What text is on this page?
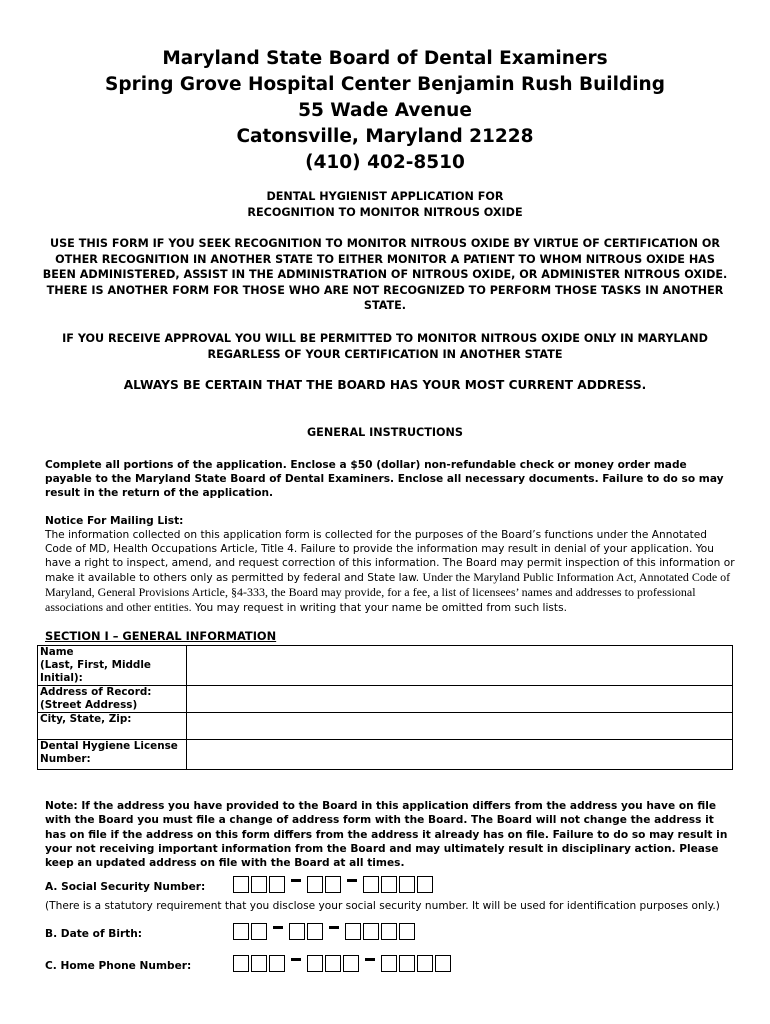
Maryland State Board of Dental Examiners
Spring Grove Hospital Center Benjamin Rush Building
55 Wade Avenue
Catonsville, Maryland 21228
(410) 402-8510
DENTAL HYGIENIST APPLICATION FOR
RECOGNITION TO MONITOR NITROUS OXIDE
USE THIS FORM IF YOU SEEK RECOGNITION TO MONITOR NITROUS OXIDE BY VIRTUE OF CERTIFICATION OR OTHER RECOGNITION IN ANOTHER STATE TO EITHER MONITOR A PATIENT TO WHOM NITROUS OXIDE HAS BEEN ADMINISTERED, ASSIST IN THE ADMINISTRATION OF NITROUS OXIDE, OR ADMINISTER NITROUS OXIDE. THERE IS ANOTHER FORM FOR THOSE WHO ARE NOT RECOGNIZED TO PERFORM THOSE TASKS IN ANOTHER STATE.
IF YOU RECEIVE APPROVAL YOU WILL BE PERMITTED TO MONITOR NITROUS OXIDE ONLY IN MARYLAND REGARLESS OF YOUR CERTIFICATION IN ANOTHER STATE
ALWAYS BE CERTAIN THAT THE BOARD HAS YOUR MOST CURRENT ADDRESS.
GENERAL INSTRUCTIONS
Complete all portions of the application. Enclose a $50 (dollar) non-refundable check or money order made payable to the Maryland State Board of Dental Examiners. Enclose all necessary documents. Failure to do so may result in the return of the application.
Notice For Mailing List:
The information collected on this application form is collected for the purposes of the Board’s functions under the Annotated Code of MD, Health Occupations Article, Title 4. Failure to provide the information may result in denial of your application. You have a right to inspect, amend, and request correction of this information. The Board may permit inspection of this information or make it available to others only as permitted by federal and State law. Under the Maryland Public Information Act, Annotated Code of Maryland, General Provisions Article, §4-333, the Board may provide, for a fee, a list of licensees’ names and addresses to professional associations and other entities. You may request in writing that your name be omitted from such lists.
SECTION I – GENERAL INFORMATION
Name
(Last, First, Middle Initial):	

Address of Record:
(Street Address)	

City, State, Zip:	

Dental Hygiene License
Number:	

Note: If the address you have provided to the Board in this application differs from the address you have on file with the Board you must file a change of address form with the Board. The Board will not change the address it has on file if the address on this form differs from the address it already has on file. Failure to do so may result in your not receiving important information from the Board and may ultimately result in disciplinary action. Please keep an updated address on file with the Board at all times.
A. Social Security Number:
(There is a statutory requirement that you disclose your social security number. It will be used for identification purposes only.)
B. Date of Birth:
C. Home Phone Number:
